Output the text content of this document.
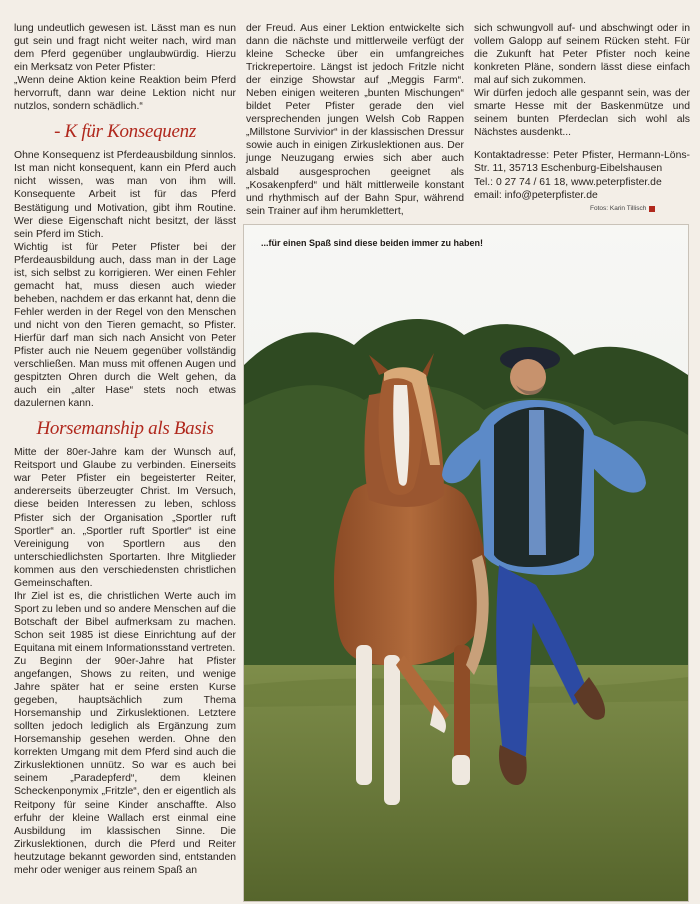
lung undeutlich gewesen ist. Lässt man es nun gut sein und fragt nicht weiter nach, wird man dem Pferd gegenüber unglaubwürdig. Hierzu ein Merksatz von Peter Pfister:

„Wenn deine Aktion keine Reaktion beim Pferd hervorruft, dann war deine Lektion nicht nur nutzlos, sondern schädlich.“

- K für Konsequenz

Ohne Konsequenz ist Pferdeausbildung sinnlos. Ist man nicht konsequent, kann ein Pferd auch nicht wissen, was man von ihm will. Konsequente Arbeit ist für das Pferd Bestätigung und Motivation, gibt ihm Routine. Wer diese Eigenschaft nicht besitzt, der lässt sein Pferd im Stich.

Wichtig ist für Peter Pfister bei der Pferdeausbildung auch, dass man in der Lage ist, sich selbst zu korrigieren. Wer einen Fehler gemacht hat, muss diesen auch wieder beheben, nachdem er das erkannt hat, denn die Fehler werden in der Regel von den Menschen und nicht von den Tieren gemacht, so Pfister. Hierfür darf man sich nach Ansicht von Peter Pfister auch nie Neuem gegenüber vollständig verschließen. Man muss mit offenen Augen und gespitzten Ohren durch die Welt gehen, da auch ein „alter Hase“ stets noch etwas dazulernen kann.

Horsemanship als Basis

Mitte der 80er-Jahre kam der Wunsch auf, Reitsport und Glaube zu verbinden. Einerseits war Peter Pfister ein begeisterter Reiter, andererseits überzeugter Christ. Im Versuch, diese beiden Interessen zu leben, schloss Pfister sich der Organisation „Sportler ruft Sportler“ an. „Sportler ruft Sportler“ ist eine Vereinigung von Sportlern aus den unterschiedlichsten Sportarten. Ihre Mitglieder kommen aus den verschiedensten christlichen Gemeinschaften.

Ihr Ziel ist es, die christlichen Werte auch im Sport zu leben und so andere Menschen auf die Botschaft der Bibel aufmerksam zu machen. Schon seit 1985 ist diese Einrichtung auf der Equitana mit einem Informationsstand vertreten.

Zu Beginn der 90er-Jahre hat Pfister angefangen, Shows zu reiten, und wenige Jahre später hat er seine ersten Kurse gegeben, hauptsächlich zum Thema Horsemanship und Zirkuslektionen. Letztere sollten jedoch lediglich als Ergänzung zum Horsemanship gesehen werden. Ohne den korrekten Umgang mit dem Pferd sind auch die Zirkuslektionen unnütz. So war es auch bei seinem „Paradepferd“, dem kleinen Scheckenponymix „Fritzle“, den er eigentlich als Reitpony für seine Kinder anschaffte. Also erfuhr der kleine Wallach erst einmal eine Ausbildung im klassischen Sinne. Die Zirkuslektionen, durch die Pferd und Reiter heutzutage bekannt geworden sind, entstanden mehr oder weniger aus reinem Spaß an

der Freud. Aus einer Lektion entwickelte sich dann die nächste und mittlerweile verfügt der kleine Schecke über ein umfangreiches Trickrepertoire. Längst ist jedoch Fritzle nicht der einzige Showstar auf „Meggis Farm“. Neben einigen weiteren „bunten Mischungen“ bildet Peter Pfister gerade den viel versprechenden jungen Welsh Cob Rappen „Millstone Survivior“ in der klassischen Dressur sowie auch in einigen Zirkuslektionen aus. Der junge Neuzugang erwies sich aber auch alsbald ausgesprochen geeignet als „Kosakenpferd“ und hält mittlerweile konstant und rhythmisch auf der Bahn Spur, während sein Trainer auf ihm herumklettert,

sich schwungvoll auf- und abschwingt oder in vollem Galopp auf seinem Rücken steht. Für die Zukunft hat Peter Pfister noch keine konkreten Pläne, sondern lässt diese einfach mal auf sich zukommen.

Wir dürfen jedoch alle gespannt sein, was der smarte Hesse mit der Baskenmütze und seinem bunten Pferdeclan sich wohl als Nächstes ausdenkt...

Kontaktadresse: Peter Pfister, Hermann-Löns-Str. 11, 35713 Eschenburg-Eibelshausen

Tel.: 0 27 74 / 61 18, www.peterpfister.de

email: info@peterpfister.de

Fotos: Karin Tillisch
...für einen Spaß sind diese beiden immer zu haben!
